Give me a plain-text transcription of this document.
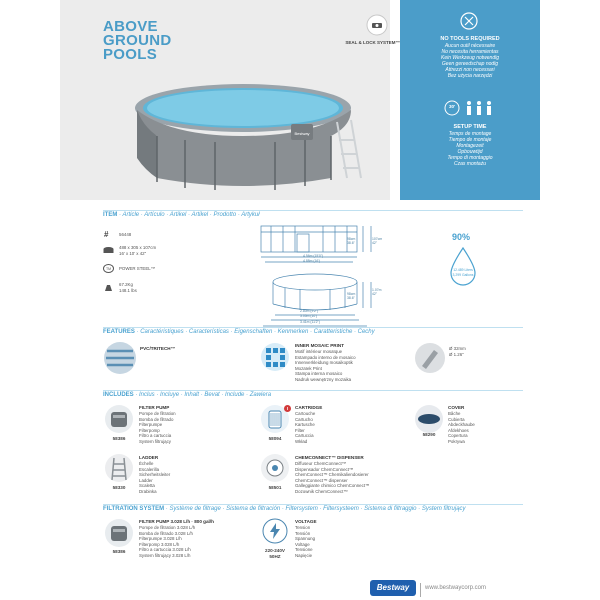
ABOVE
GROUND
POOLS
Bestway
SEAL & LOCK SYSTEM™
NO TOOLS REQUIRED
Aucun outil nécessaire
No necesita herramientas
Kein Werkzeug notwendig
Geen gereedschap nodig
Attrezzi non necessari
Bez użycia narzędzi
30'
SETUP TIME
Temps de montage
Tiempo de montaje
Montagezeit
Opbouwtijd
Tempo di montaggio
Czas montażu
ITEM · Article · Artículo · Artikel · Artikel · Prodotto · Artykuł
# 56448
488 x 305 x 107cm
16' x 10' x 42"
TM POWER STEEL™
67.2Kg
148.1 lbs
4.56m (15'0")
4.88m (16')
98cm
38.6"
107cm
42"
98cm
38.6"
1.07m
42"
2.80m (9'2")
3.05m (10')
3.41m (11'2")
90%
12.489 Liters
3,299 Gallons
FEATURES · Caractéristiques · Características · Eigenschaften · Kenmerken · Caratteristiche · Cechy
PVC/TRITECH™
INNER MOSAIC PRINT
Motif intérieur mosaïque
Estampado interno de mosaico
Innenverkleidung mosaikoptik
Mozaïek Print
Stampa interna mosaico
Nadruk wewnętrzny mozaika
Ø 32mm
Ø 1.26"
INCLUDES · Inclus · Incluye · Inhalt · Bevat · Include · Zawiera
58386
FILTER PUMP
Pompe de filtration
Bomba de filtrado
Filterpumpe
Filterpomp
Filtro a cartuccia
System filtrujący
I
58094
CARTRIDGE
Cartouche
Cartucho
Kartusche
Filter
Cartuccia
Wkład
58290
COVER
Bâche
Cubierta
Abdeckhaube
Afdekhoes
Copertura
Pokrywa
58330
LADDER
Échelle
Escalerilla
Sicherheitsleiter
Ladder
Scaletta
Drabinka
58501
CHEMCONNECT™ DISPENSER
Diffuseur ChemConnect™
Dispensador ChemConnect™
ChemConnect™ Chemikaliendosierer
ChemConnect™ dispenser
Galleggiante chimico ChemConnect™
Dozownik ChemConnect™
FILTRATION SYSTEM · Système de filtrage · Sistema de filtración · Filtersystem · Filtersysteem · Sistema di filtraggio · System filtrujący
58386
FILTER PUMP 3.028 L/h · 800 gal/h
Pompe de filtration 3.028 L/h
Bomba de filtrado 3.028 L/h
Filterpumpe 3.028 L/h
Filterpomp 3.028 L/h
Filtro a cartuccia 3.028 L/h
System filtrujący 3.028 L/h
220-240V
50HZ
VOLTAGE
Tension
Tensión
Spannung
Voltage
Tensione
Napięcie
Bestway	www.bestwaycorp.com
